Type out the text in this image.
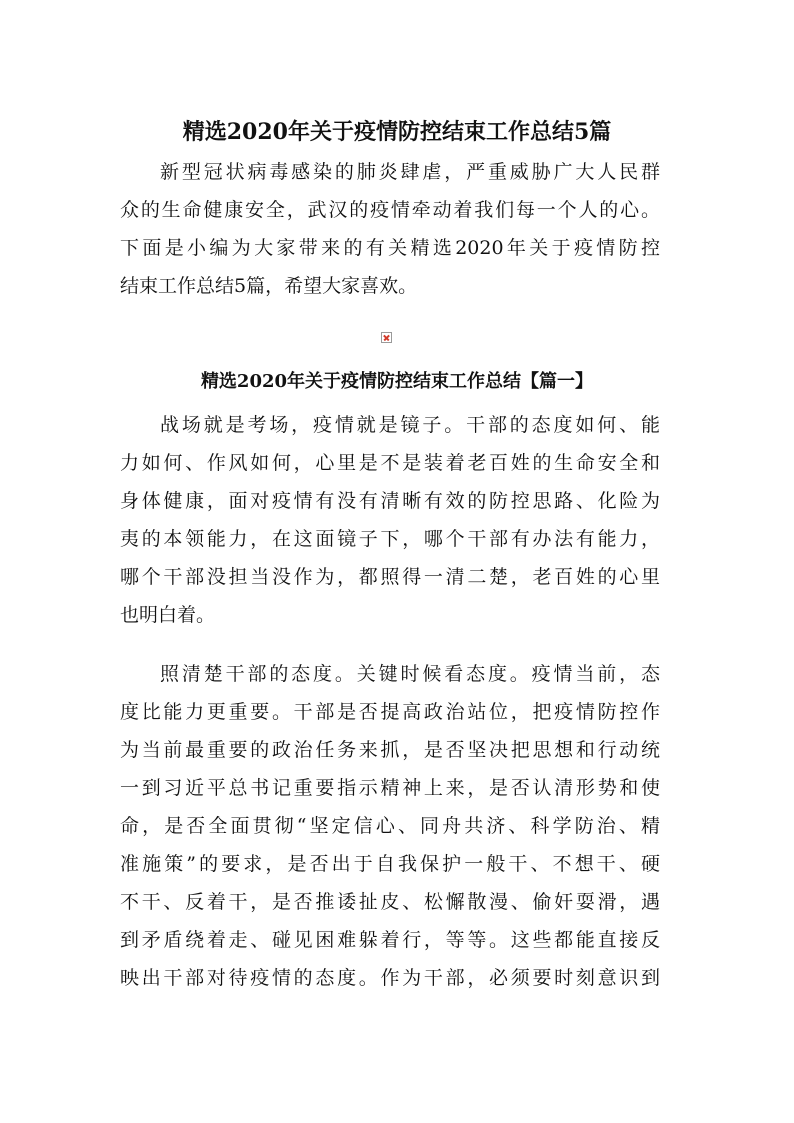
精选2020年关于疫情防控结束工作总结5篇
新型冠状病毒感染的肺炎肆虐，严重威胁广大人民群
众的生命健康安全，武汉的疫情牵动着我们每一个人的心。
下面是小编为大家带来的有关精选2020年关于疫情防控
结束工作总结5篇，希望大家喜欢。
精选2020年关于疫情防控结束工作总结【篇一】
战场就是考场，疫情就是镜子。干部的态度如何、能
力如何、作风如何，心里是不是装着老百姓的生命安全和
身体健康，面对疫情有没有清晰有效的防控思路、化险为
夷的本领能力，在这面镜子下，哪个干部有办法有能力，
哪个干部没担当没作为，都照得一清二楚，老百姓的心里
也明白着。
照清楚干部的态度。关键时候看态度。疫情当前，态
度比能力更重要。干部是否提高政治站位，把疫情防控作
为当前最重要的政治任务来抓，是否坚决把思想和行动统
一到习近平总书记重要指示精神上来，是否认清形势和使
命，是否全面贯彻“坚定信心、同舟共济、科学防治、精
准施策”的要求，是否出于自我保护一般干、不想干、硬
不干、反着干，是否推诿扯皮、松懈散漫、偷奸耍滑，遇
到矛盾绕着走、碰见困难躲着行，等等。这些都能直接反
映出干部对待疫情的态度。作为干部，必须要时刻意识到
